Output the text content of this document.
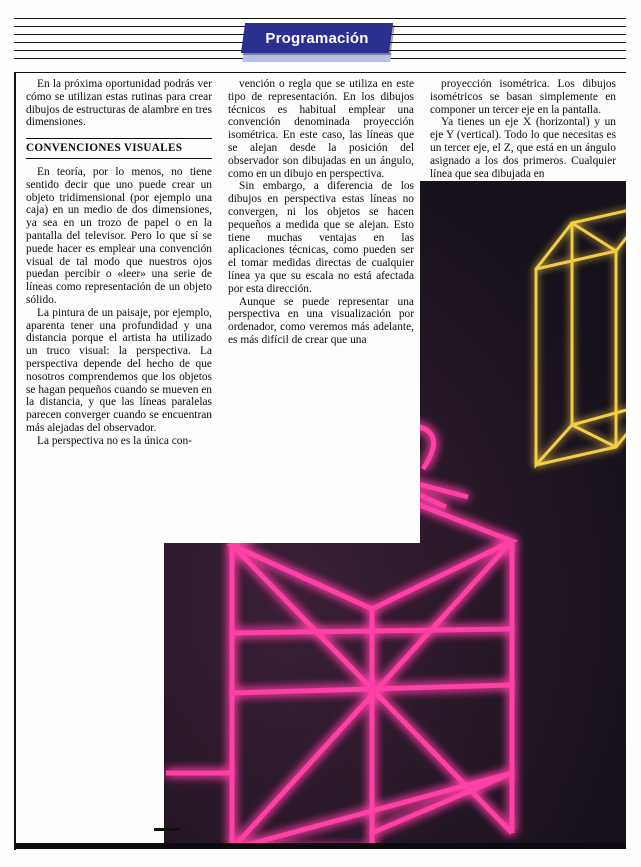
Programación

En la próxima oportunidad podrás ver cómo se utilizan estas rutinas para crear dibujos de estructuras de alambre en tres dimensiones.

CONVENCIONES VISUALES

En teoría, por lo menos, no tiene sentido decir que uno puede crear un objeto tridimensional (por ejemplo una caja) en un medio de dos dimensiones, ya sea en un trozo de papel o en la pantalla del televisor. Pero lo que sí se puede hacer es emplear una convención visual de tal modo que nuestros ojos puedan percibir o «leer» una serie de líneas como representación de un objeto sólido.

La pintura de un paisaje, por ejemplo, aparenta tener una profundidad y una distancia porque el artista ha utilizado un truco visual: la perspectiva. La perspectiva depende del hecho de que nosotros comprendemos que los objetos se hagan pequeños cuando se mueven en la distancia, y que las líneas paralelas parecen converger cuando se encuentran más alejadas del observador.

La perspectiva no es la única con-

vención o regla que se utiliza en este tipo de representación. En los dibujos técnicos es habitual emplear una convención denominada proyección isométrica. En este caso, las líneas que se alejan desde la posición del observador son dibujadas en un ángulo, como en un dibujo en perspectiva.

Sin embargo, a diferencia de los dibujos en perspectiva estas líneas no convergen, ni los objetos se hacen pequeños a medida que se alejan. Esto tiene muchas ventajas en las aplicaciones técnicas, como pueden ser el tomar medidas directas de cualquier línea ya que su escala no está afectada por esta dirección.

Aunque se puede representar una perspectiva en una visualización por ordenador, como veremos más adelante, es más difícil de crear que una

proyección isométrica. Los dibujos isométricos se basan simplemente en componer un tercer eje en la pantalla.

Ya tienes un eje X (horizontal) y un eje Y (vertical). Todo lo que necesitas es un tercer eje, el Z, que está en un ángulo asignado a los dos primeros. Cualquier línea que sea dibujada en
